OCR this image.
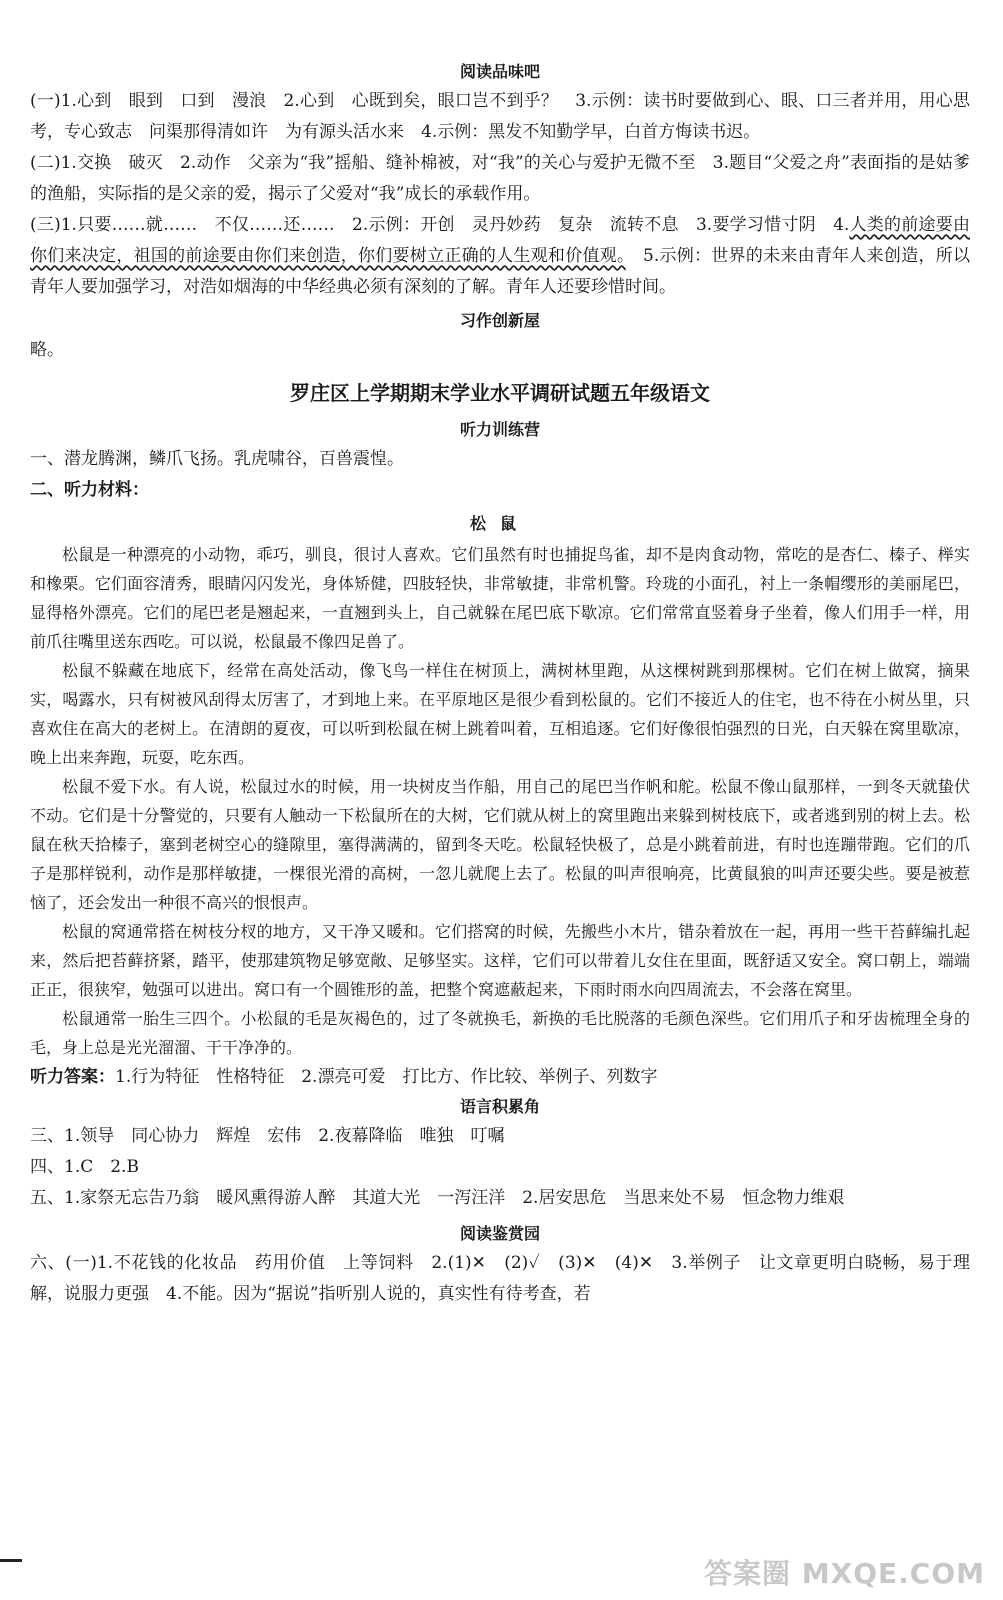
阅读品味吧

(一)1.心到　眼到　口到　漫浪　2.心到　心既到矣，眼口岂不到乎？　3.示例：读书时要做到心、眼、口三者并用，用心思考，专心致志　问渠那得清如许　为有源头活水来　4.示例：黑发不知勤学早，白首方悔读书迟。

(二)1.交换　破灭　2.动作　父亲为“我”摇船、缝补棉被，对“我”的关心与爱护无微不至　3.题目“父爱之舟”表面指的是姑爹的渔船，实际指的是父亲的爱，揭示了父爱对“我”成长的承载作用。

(三)1.只要……就……　不仅……还……　2.示例：开创　灵丹妙药　复杂　流转不息　3.要学习惜寸阴　4.人类的前途要由你们来决定，祖国的前途要由你们来创造，你们要树立正确的人生观和价值观。　5.示例：世界的未来由青年人来创造，所以青年人要加强学习，对浩如烟海的中华经典必须有深刻的了解。青年人还要珍惜时间。

习作创新屋

略。

罗庄区上学期期末学业水平调研试题五年级语文

听力训练营

一、潜龙腾渊，鳞爪飞扬。乳虎啸谷，百兽震惶。

二、听力材料：

松鼠

松鼠是一种漂亮的小动物，乖巧，驯良，很讨人喜欢。它们虽然有时也捕捉鸟雀，却不是肉食动物，常吃的是杏仁、榛子、榉实和橡栗。它们面容清秀，眼睛闪闪发光，身体矫健，四肢轻快，非常敏捷，非常机警。玲珑的小面孔，衬上一条帽缨形的美丽尾巴，显得格外漂亮。它们的尾巴老是翘起来，一直翘到头上，自己就躲在尾巴底下歇凉。它们常常直竖着身子坐着，像人们用手一样，用前爪往嘴里送东西吃。可以说，松鼠最不像四足兽了。

松鼠不躲藏在地底下，经常在高处活动，像飞鸟一样住在树顶上，满树林里跑，从这棵树跳到那棵树。它们在树上做窝，摘果实，喝露水，只有树被风刮得太厉害了，才到地上来。在平原地区是很少看到松鼠的。它们不接近人的住宅，也不待在小树丛里，只喜欢住在高大的老树上。在清朗的夏夜，可以听到松鼠在树上跳着叫着，互相追逐。它们好像很怕强烈的日光，白天躲在窝里歇凉，晚上出来奔跑，玩耍，吃东西。

松鼠不爱下水。有人说，松鼠过水的时候，用一块树皮当作船，用自己的尾巴当作帆和舵。松鼠不像山鼠那样，一到冬天就蛰伏不动。它们是十分警觉的，只要有人触动一下松鼠所在的大树，它们就从树上的窝里跑出来躲到树枝底下，或者逃到别的树上去。松鼠在秋天拾榛子，塞到老树空心的缝隙里，塞得满满的，留到冬天吃。松鼠轻快极了，总是小跳着前进，有时也连蹦带跑。它们的爪子是那样锐利，动作是那样敏捷，一棵很光滑的高树，一忽儿就爬上去了。松鼠的叫声很响亮，比黄鼠狼的叫声还要尖些。要是被惹恼了，还会发出一种很不高兴的恨恨声。

松鼠的窝通常搭在树枝分杈的地方，又干净又暖和。它们搭窝的时候，先搬些小木片，错杂着放在一起，再用一些干苔藓编扎起来，然后把苔藓挤紧，踏平，使那建筑物足够宽敞、足够坚实。这样，它们可以带着儿女住在里面，既舒适又安全。窝口朝上，端端正正，很狭窄，勉强可以进出。窝口有一个圆锥形的盖，把整个窝遮蔽起来，下雨时雨水向四周流去，不会落在窝里。

松鼠通常一胎生三四个。小松鼠的毛是灰褐色的，过了冬就换毛，新换的毛比脱落的毛颜色深些。它们用爪子和牙齿梳理全身的毛，身上总是光光溜溜、干干净净的。

听力答案：1.行为特征　性格特征　2.漂亮可爱　打比方、作比较、举例子、列数字

语言积累角

三、1.领导　同心协力　辉煌　宏伟　2.夜幕降临　唯独　叮嘱

四、1.C　2.B

五、1.家祭无忘告乃翁　暖风熏得游人醉　其道大光　一泻汪洋　2.居安思危　当思来处不易　恒念物力维艰

阅读鉴赏园

六、(一)1.不花钱的化妆品　药用价值　上等饲料　2.(1)✕　(2)✓　(3)✕　(4)✕　3.举例子　让文章更明白晓畅，易于理解，说服力更强　4.不能。因为“据说”指听别人说的，真实性有待考查，若

答案圈 MXQE.COM
